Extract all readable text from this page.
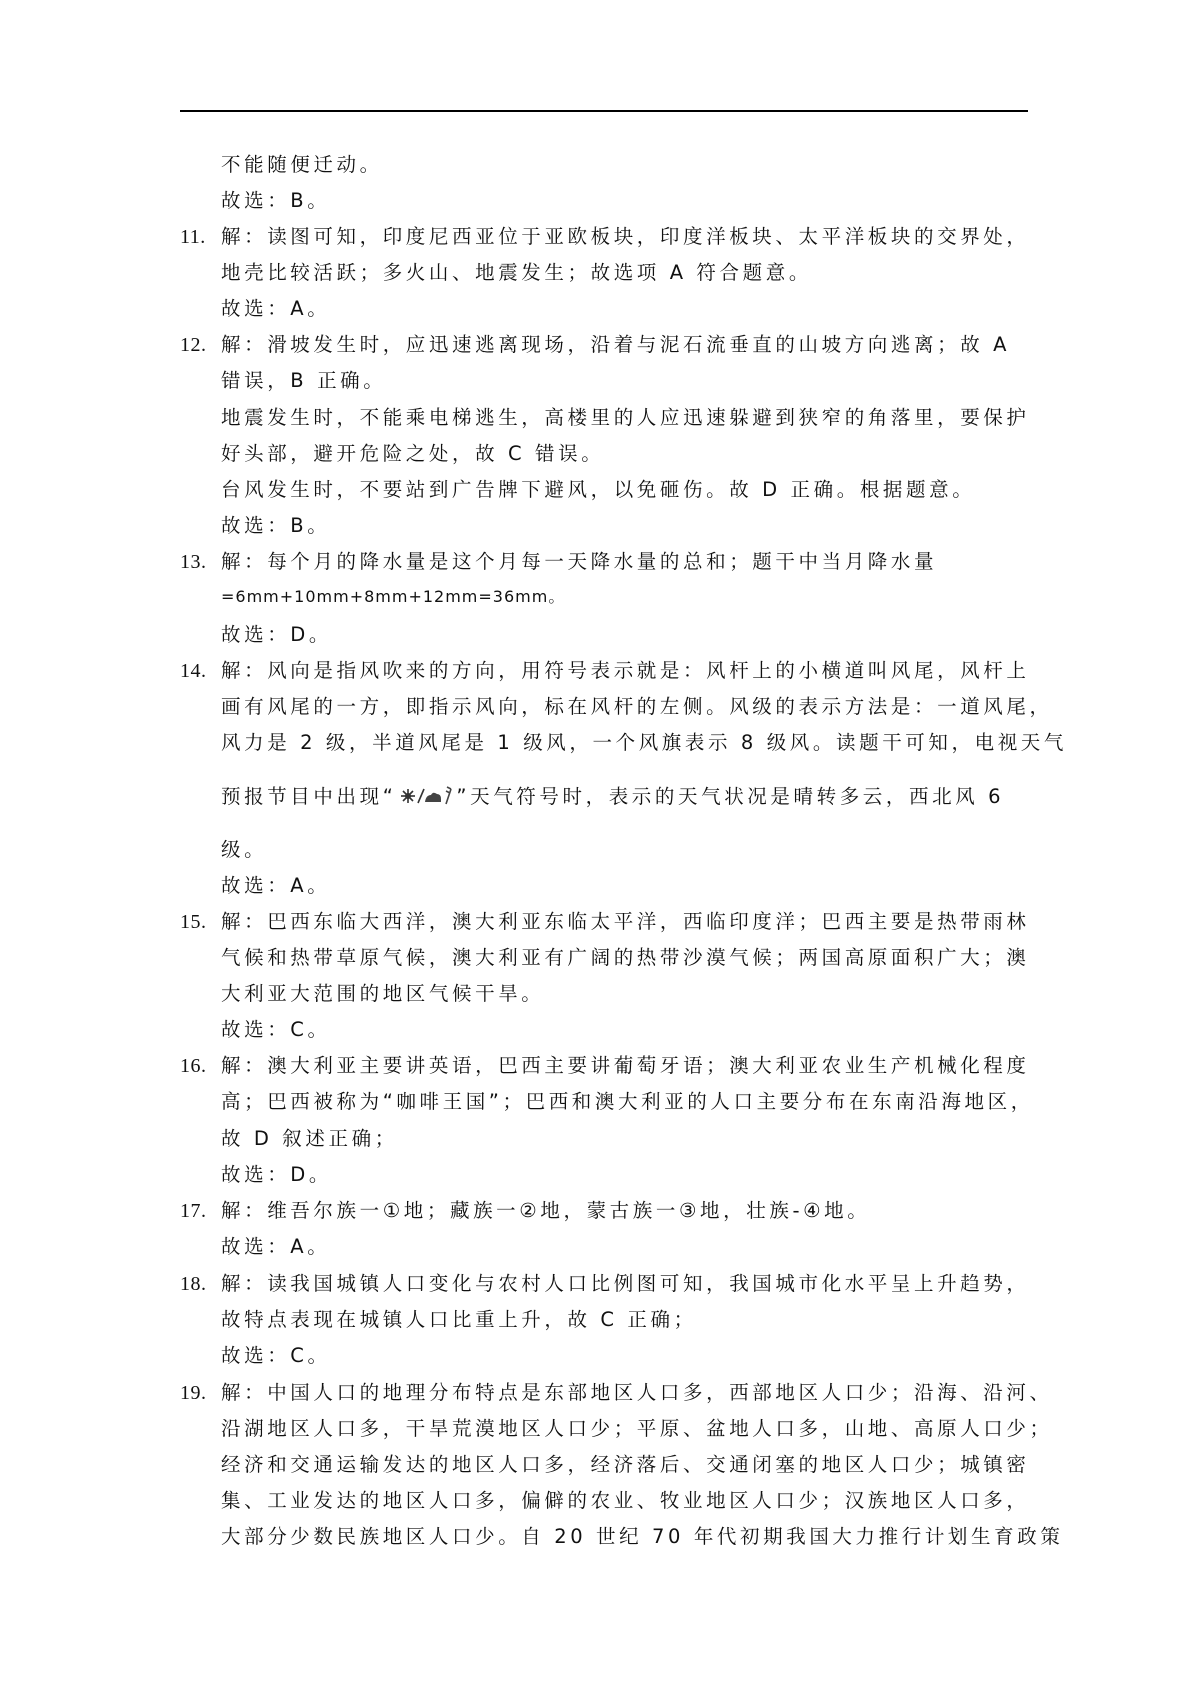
不能随便迁动。
故选：B。
11. 解：读图可知，印度尼西亚位于亚欧板块，印度洋板块、太平洋板块的交界处，
地壳比较活跃；多火山、地震发生；故选项 A 符合题意。
故选：A。
12. 解：滑坡发生时，应迅速逃离现场，沿着与泥石流垂直的山坡方向逃离；故 A
错误，B 正确。
地震发生时，不能乘电梯逃生，高楼里的人应迅速躲避到狭窄的角落里，要保护
好头部，避开危险之处，故 C 错误。
台风发生时，不要站到广告牌下避风，以免砸伤。故 D 正确。根据题意。
故选：B。
13. 解：每个月的降水量是这个月每一天降水量的总和；题干中当月降水量
=6mm+10mm+8mm+12mm=36mm。
故选：D。
14. 解：风向是指风吹来的方向，用符号表示就是：风杆上的小横道叫风尾，风杆上
画有风尾的一方，即指示风向，标在风杆的左侧。风级的表示方法是：一道风尾，
风力是 2 级，半道风尾是 1 级风，一个风旗表示 8 级风。读题干可知，电视天气
预报节目中出现“	”天气符号时，表示的天气状况是晴转多云，西北风 6
级。
故选：A。
15. 解：巴西东临大西洋，澳大利亚东临太平洋，西临印度洋；巴西主要是热带雨林
气候和热带草原气候，澳大利亚有广阔的热带沙漠气候；两国高原面积广大；澳
大利亚大范围的地区气候干旱。
故选：C。
16. 解：澳大利亚主要讲英语，巴西主要讲葡萄牙语；澳大利亚农业生产机械化程度
高；巴西被称为“咖啡王国”；巴西和澳大利亚的人口主要分布在东南沿海地区，
故 D 叙述正确；
故选：D。
17. 解：维吾尔族一①地；藏族一②地，蒙古族一③地，壮族-④地。
故选：A。
18. 解：读我国城镇人口变化与农村人口比例图可知，我国城市化水平呈上升趋势，
故特点表现在城镇人口比重上升，故 C 正确；
故选：C。
19. 解：中国人口的地理分布特点是东部地区人口多，西部地区人口少；沿海、沿河、
沿湖地区人口多，干旱荒漠地区人口少；平原、盆地人口多，山地、高原人口少；
经济和交通运输发达的地区人口多，经济落后、交通闭塞的地区人口少；城镇密
集、工业发达的地区人口多，偏僻的农业、牧业地区人口少；汉族地区人口多，
大部分少数民族地区人口少。自 20 世纪 70 年代初期我国大力推行计划生育政策
